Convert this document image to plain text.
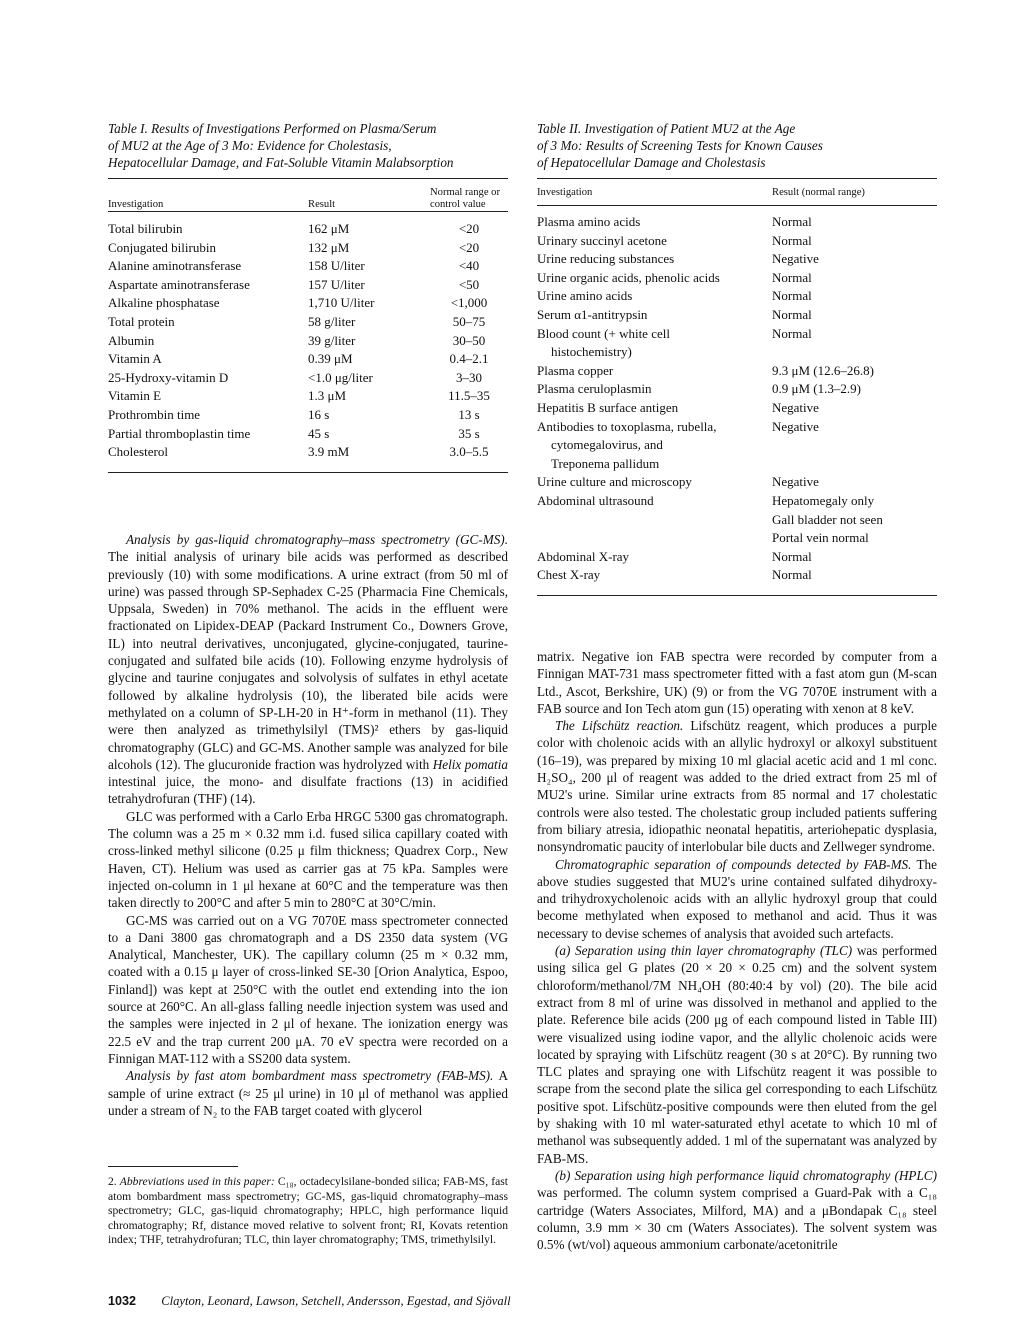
Table I. Results of Investigations Performed on Plasma/Serum
of MU2 at the Age of 3 Mo: Evidence for Cholestasis,
Hepatocellular Damage, and Fat-Soluble Vitamin Malabsorption

Investigation	Result	Normal range or control value
Total bilirubin	162 μM	<20
Conjugated bilirubin	132 μM	<20
Alanine aminotransferase	158 U/liter	<40
Aspartate aminotransferase	157 U/liter	<50
Alkaline phosphatase	1,710 U/liter	<1,000
Total protein	58 g/liter	50–75
Albumin	39 g/liter	30–50
Vitamin A	0.39 μM	0.4–2.1
25-Hydroxy-vitamin D	<1.0 μg/liter	3–30
Vitamin E	1.3 μM	11.5–35
Prothrombin time	16 s	13 s
Partial thromboplastin time	45 s	35 s
Cholesterol	3.9 mM	3.0–5.5

Analysis by gas-liquid chromatography–mass spectrometry (GC-MS). The initial analysis of urinary bile acids was performed as described previously (10) with some modifications. A urine extract (from 50 ml of urine) was passed through SP-Sephadex C-25 (Pharmacia Fine Chemicals, Uppsala, Sweden) in 70% methanol. The acids in the effluent were fractionated on Lipidex-DEAP (Packard Instrument Co., Downers Grove, IL) into neutral derivatives, unconjugated, glycine-conjugated, taurine-conjugated and sulfated bile acids (10). Following enzyme hydrolysis of glycine and taurine conjugates and solvolysis of sulfates in ethyl acetate followed by alkaline hydrolysis (10), the liberated bile acids were methylated on a column of SP-LH-20 in H⁺-form in methanol (11). They were then analyzed as trimethylsilyl (TMS)² ethers by gas-liquid chromatography (GLC) and GC-MS. Another sample was analyzed for bile alcohols (12). The glucuronide fraction was hydrolyzed with Helix pomatia intestinal juice, the mono- and disulfate fractions (13) in acidified tetrahydrofuran (THF) (14).

GLC was performed with a Carlo Erba HRGC 5300 gas chromatograph. The column was a 25 m × 0.32 mm i.d. fused silica capillary coated with cross-linked methyl silicone (0.25 μ film thickness; Quadrex Corp., New Haven, CT). Helium was used as carrier gas at 75 kPa. Samples were injected on-column in 1 μl hexane at 60°C and the temperature was then taken directly to 200°C and after 5 min to 280°C at 30°C/min.

GC-MS was carried out on a VG 7070E mass spectrometer connected to a Dani 3800 gas chromatograph and a DS 2350 data system (VG Analytical, Manchester, UK). The capillary column (25 m × 0.32 mm, coated with a 0.15 μ layer of cross-linked SE-30 [Orion Analytica, Espoo, Finland]) was kept at 250°C with the outlet end extending into the ion source at 260°C. An all-glass falling needle injection system was used and the samples were injected in 2 μl of hexane. The ionization energy was 22.5 eV and the trap current 200 μA. 70 eV spectra were recorded on a Finnigan MAT-112 with a SS200 data system.

Analysis by fast atom bombardment mass spectrometry (FAB-MS). A sample of urine extract (≈ 25 μl urine) in 10 μl of methanol was applied under a stream of N₂ to the FAB target coated with glycerol

2. Abbreviations used in this paper: C₁₈, octadecylsilane-bonded silica; FAB-MS, fast atom bombardment mass spectrometry; GC-MS, gas-liquid chromatography–mass spectrometry; GLC, gas-liquid chromatography; HPLC, high performance liquid chromatography; Rf, distance moved relative to solvent front; RI, Kovats retention index; THF, tetrahydrofuran; TLC, thin layer chromatography; TMS, trimethylsilyl.

Table II. Investigation of Patient MU2 at the Age
of 3 Mo: Results of Screening Tests for Known Causes
of Hepatocellular Damage and Cholestasis

Investigation	Result (normal range)
Plasma amino acids	Normal

Urinary succinyl acetone	Normal

Urine reducing substances	Negative

Urine organic acids, phenolic acids	Normal

Urine amino acids	Normal

Serum α1-antitrypsin	Normal

Blood count (+ white cell
histochemistry)	Normal

Plasma copper	9.3 μM (12.6–26.8)

Plasma ceruloplasmin	0.9 μM (1.3–2.9)

Hepatitis B surface antigen	Negative

Antibodies to toxoplasma, rubella,
cytomegalovirus, and
Treponema pallidum	Negative

Urine culture and microscopy	Negative

Abdominal ultrasound	Hepatomegaly only
Gall bladder not seen
Portal vein normal

Abdominal X-ray	Normal

Chest X-ray	Normal

matrix. Negative ion FAB spectra were recorded by computer from a Finnigan MAT-731 mass spectrometer fitted with a fast atom gun (M-scan Ltd., Ascot, Berkshire, UK) (9) or from the VG 7070E instrument with a FAB source and Ion Tech atom gun (15) operating with xenon at 8 keV.

The Lifschütz reaction. Lifschütz reagent, which produces a purple color with cholenoic acids with an allylic hydroxyl or alkoxyl substituent (16–19), was prepared by mixing 10 ml glacial acetic acid and 1 ml conc. H₂SO₄, 200 μl of reagent was added to the dried extract from 25 ml of MU2's urine. Similar urine extracts from 85 normal and 17 cholestatic controls were also tested. The cholestatic group included patients suffering from biliary atresia, idiopathic neonatal hepatitis, arteriohepatic dysplasia, nonsyndromatic paucity of interlobular bile ducts and Zellweger syndrome.

Chromatographic separation of compounds detected by FAB-MS. The above studies suggested that MU2's urine contained sulfated dihydroxy- and trihydroxycholenoic acids with an allylic hydroxyl group that could become methylated when exposed to methanol and acid. Thus it was necessary to devise schemes of analysis that avoided such artefacts.

(a) Separation using thin layer chromatography (TLC) was performed using silica gel G plates (20 × 20 × 0.25 cm) and the solvent system chloroform/methanol/7M NH₄OH (80:40:4 by vol) (20). The bile acid extract from 8 ml of urine was dissolved in methanol and applied to the plate. Reference bile acids (200 μg of each compound listed in Table III) were visualized using iodine vapor, and the allylic cholenoic acids were located by spraying with Lifschütz reagent (30 s at 20°C). By running two TLC plates and spraying one with Lifschütz reagent it was possible to scrape from the second plate the silica gel corresponding to each Lifschütz positive spot. Lifschütz-positive compounds were then eluted from the gel by shaking with 10 ml water-saturated ethyl acetate to which 10 ml of methanol was subsequently added. 1 ml of the supernatant was analyzed by FAB-MS.

(b) Separation using high performance liquid chromatography (HPLC) was performed. The column system comprised a Guard-Pak with a C₁₈ cartridge (Waters Associates, Milford, MA) and a μBondapak C₁₈ steel column, 3.9 mm × 30 cm (Waters Associates). The solvent system was 0.5% (wt/vol) aqueous ammonium carbonate/acetonitrile

1032 Clayton, Leonard, Lawson, Setchell, Andersson, Egestad, and Sjövall
